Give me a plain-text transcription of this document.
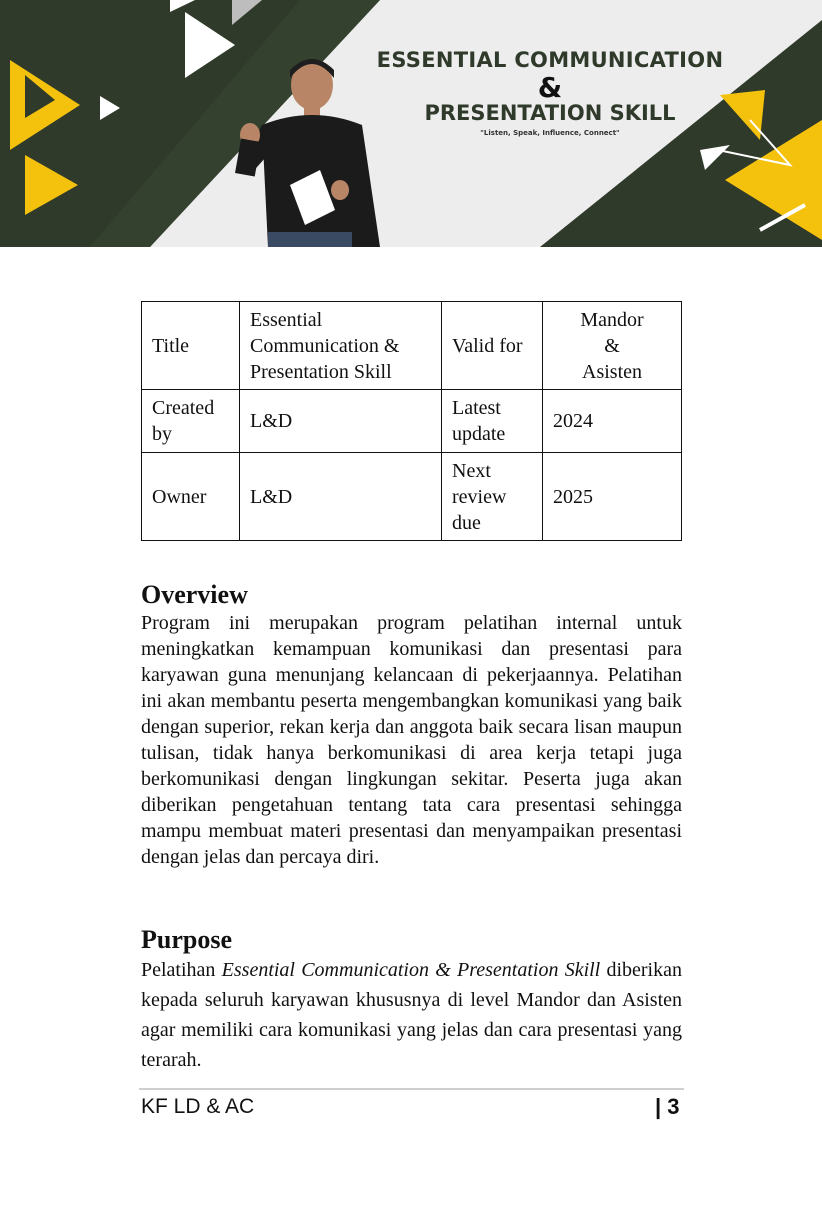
ESSENTIAL COMMUNICATION
&
PRESENTATION SKILL
"Listen, Speak, Influence, Connect"
Title	Essential Communication & Presentation Skill	Valid for	Mandor
&
Asisten

Created by	L&D	Latest update	2024
Owner	L&D	Next review due	2025
Overview

Program ini merupakan program pelatihan internal untuk meningkatkan kemampuan komunikasi dan presentasi para karyawan guna menunjang kelancaan di pekerjaannya. Pelatihan ini akan membantu peserta mengembangkan komunikasi yang baik dengan superior, rekan kerja dan anggota baik secara lisan maupun tulisan, tidak hanya berkomunikasi di area kerja tetapi juga berkomunikasi dengan lingkungan sekitar. Peserta juga akan diberikan pengetahuan tentang tata cara presentasi sehingga mampu membuat materi presentasi dan menyampaikan presentasi dengan jelas dan percaya diri.

Purpose

Pelatihan Essential Communication & Presentation Skill diberikan kepada seluruh karyawan khususnya di level Mandor dan Asisten agar memiliki cara komunikasi yang jelas dan cara presentasi yang terarah.

KF LD & AC	| 3
